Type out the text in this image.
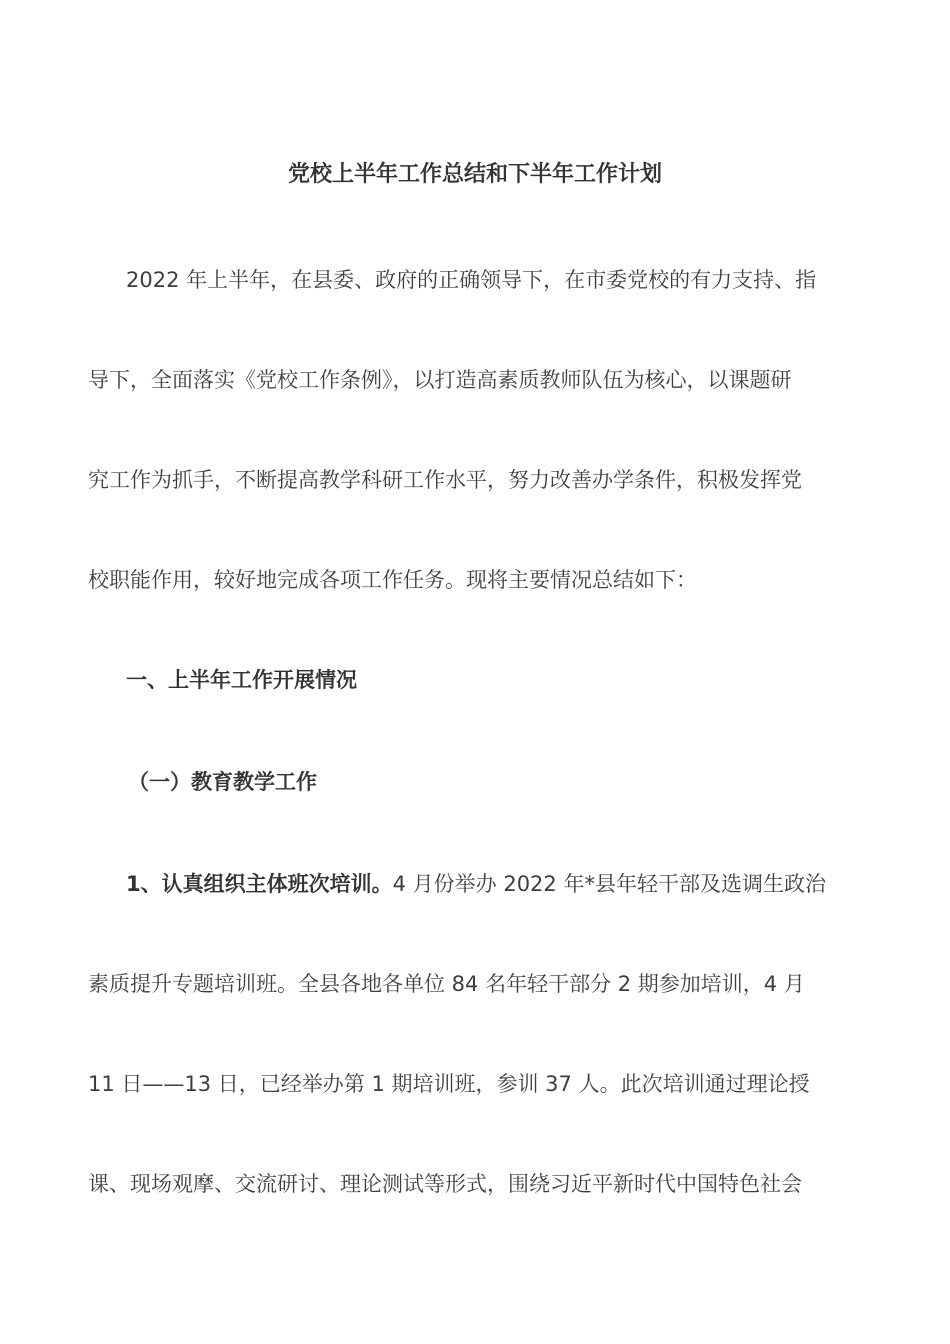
党校上半年工作总结和下半年工作计划
2022 年上半年，在县委、政府的正确领导下，在市委党校的有力支持、指
导下，全面落实《党校工作条例》，以打造高素质教师队伍为核心，以课题研
究工作为抓手，不断提高教学科研工作水平，努力改善办学条件，积极发挥党
校职能作用，较好地完成各项工作任务。现将主要情况总结如下：
一、上半年工作开展情况
（一）教育教学工作
1、认真组织主体班次培训。4 月份举办 2022 年*县年轻干部及选调生政治
素质提升专题培训班。全县各地各单位 84 名年轻干部分 2 期参加培训，4 月
11 日——13 日，已经举办第 1 期培训班，参训 37 人。此次培训通过理论授
课、现场观摩、交流研讨、理论测试等形式，围绕习近平新时代中国特色社会
